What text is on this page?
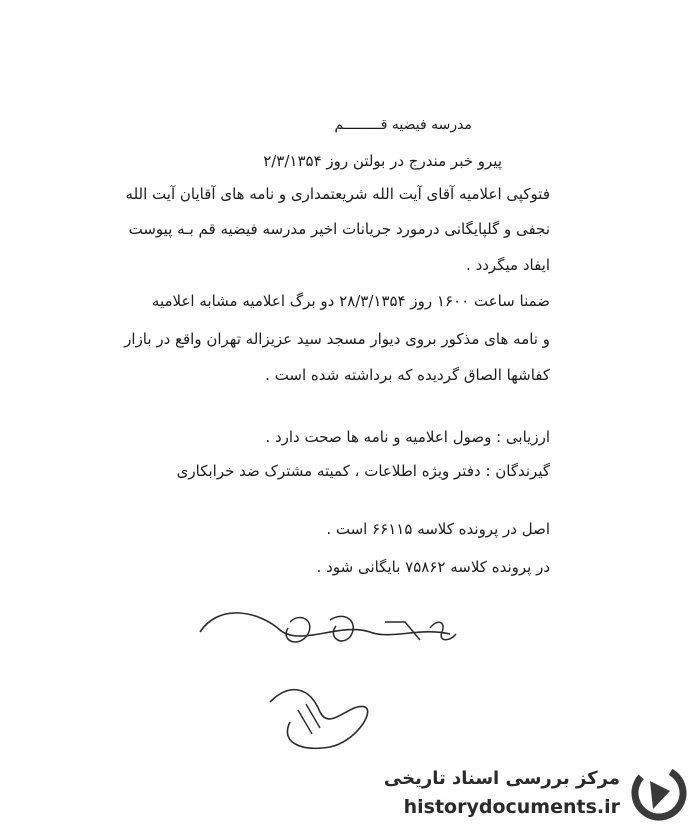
مدرسه فیضیه قـــــــــم
پیرو خبر مندرج در بولتن روز ۲/۳/۱۳۵۴
فتوکپی اعلامیه آقای آیت الله شریعتمداری و نامه های آقایان آیت الله
نجفی و گلپایگانی درمورد جریانات اخیر مدرسه فیضیه قم بـه پیوست
ایفاد میگردد .
ضمنا ساعت ۱۶۰۰ روز ۲۸/۳/۱۳۵۴ دو برگ اعلامیه مشابه اعلامیه
و نامه های مذکور بروی دیوار مسجد سید عزیزاله تهران واقع در بازار
کفاشها الصاق گردیده که برداشته شده است .
ارزیابی : وصول اعلامیه و نامه ها صحت دارد .
گیرندگان : دفتر ویژه اطلاعات ، کمیته مشترک ضد خرابکاری
اصل در پرونده کلاسه ۶۶۱۱۵ است .
در پرونده کلاسه ۷۵۸۶۲ بایگانی شود .
مرکز بررسی اسناد تاریخی
historydocuments.ir
